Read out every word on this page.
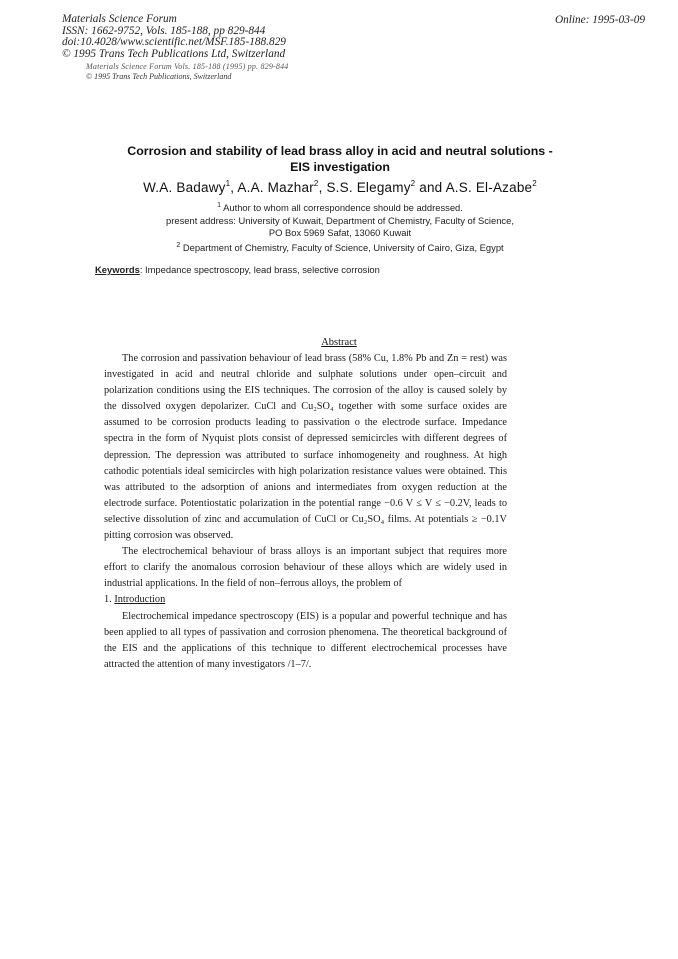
Materials Science Forum
ISSN: 1662-9752, Vols. 185-188, pp 829-844
doi:10.4028/www.scientific.net/MSF.185-188.829
© 1995 Trans Tech Publications Ltd, Switzerland
Online: 1995-03-09
Materials Science Forum Vols. 185-188 (1995) pp. 829-844
© 1995 Trans Tech Publications, Switzerland
Corrosion and stability of lead brass alloy in acid and neutral solutions -
EIS investigation
W.A. Badawy$^1$, A.A. Mazhar$^2$, S.S. Elegamy$^2$ and A.S. El-Azabe$^2$
$^1$ Author to whom all correspondence should be addressed.
present address: University of Kuwait, Department of Chemistry, Faculty of Science,
PO Box 5969 Safat, 13060 Kuwait
$^2$ Department of Chemistry, Faculty of Science, University of Cairo, Giza, Egypt
Keywords: Impedance spectroscopy, lead brass, selective corrosion
Abstract

The corrosion and passivation behaviour of lead brass (58% Cu, 1.8% Pb and Zn = rest) was investigated in acid and neutral chloride and sulphate solutions under open–circuit and polarization conditions using the EIS techniques. The corrosion of the alloy is caused solely by the dissolved oxygen depolarizer. CuCl and Cu₂SO₄ together with some surface oxides are assumed to be corrosion products leading to passivation o the electrode surface. Impedance spectra in the form of Nyquist plots consist of depressed semicircles with different degrees of depression. The depression was attributed to surface inhomogeneity and roughness. At high cathodic potentials ideal semicircles with high polarization resistance values were obtained. This was attributed to the adsorption of anions and intermediates from oxygen reduction at the electrode surface. Potentiostatic polarization in the potential range −0.6 V ≤ V ≤ −0.2V, leads to selective dissolution of zinc and accumulation of CuCl or Cu₂SO₄ films. At potentials ≥ −0.1V pitting corrosion was observed.

The electrochemical behaviour of brass alloys is an important subject that requires more effort to clarify the anomalous corrosion behaviour of these alloys which are widely used in industrial applications. In the field of non–ferrous alloys, the problem of

1. Introduction

Electrochemical impedance spectroscopy (EIS) is a popular and powerful technique and has been applied to all types of passivation and corrosion phenomena. The theoretical background of the EIS and the applications of this technique to different electrochemical processes have attracted the attention of many investigators /1–7/.
